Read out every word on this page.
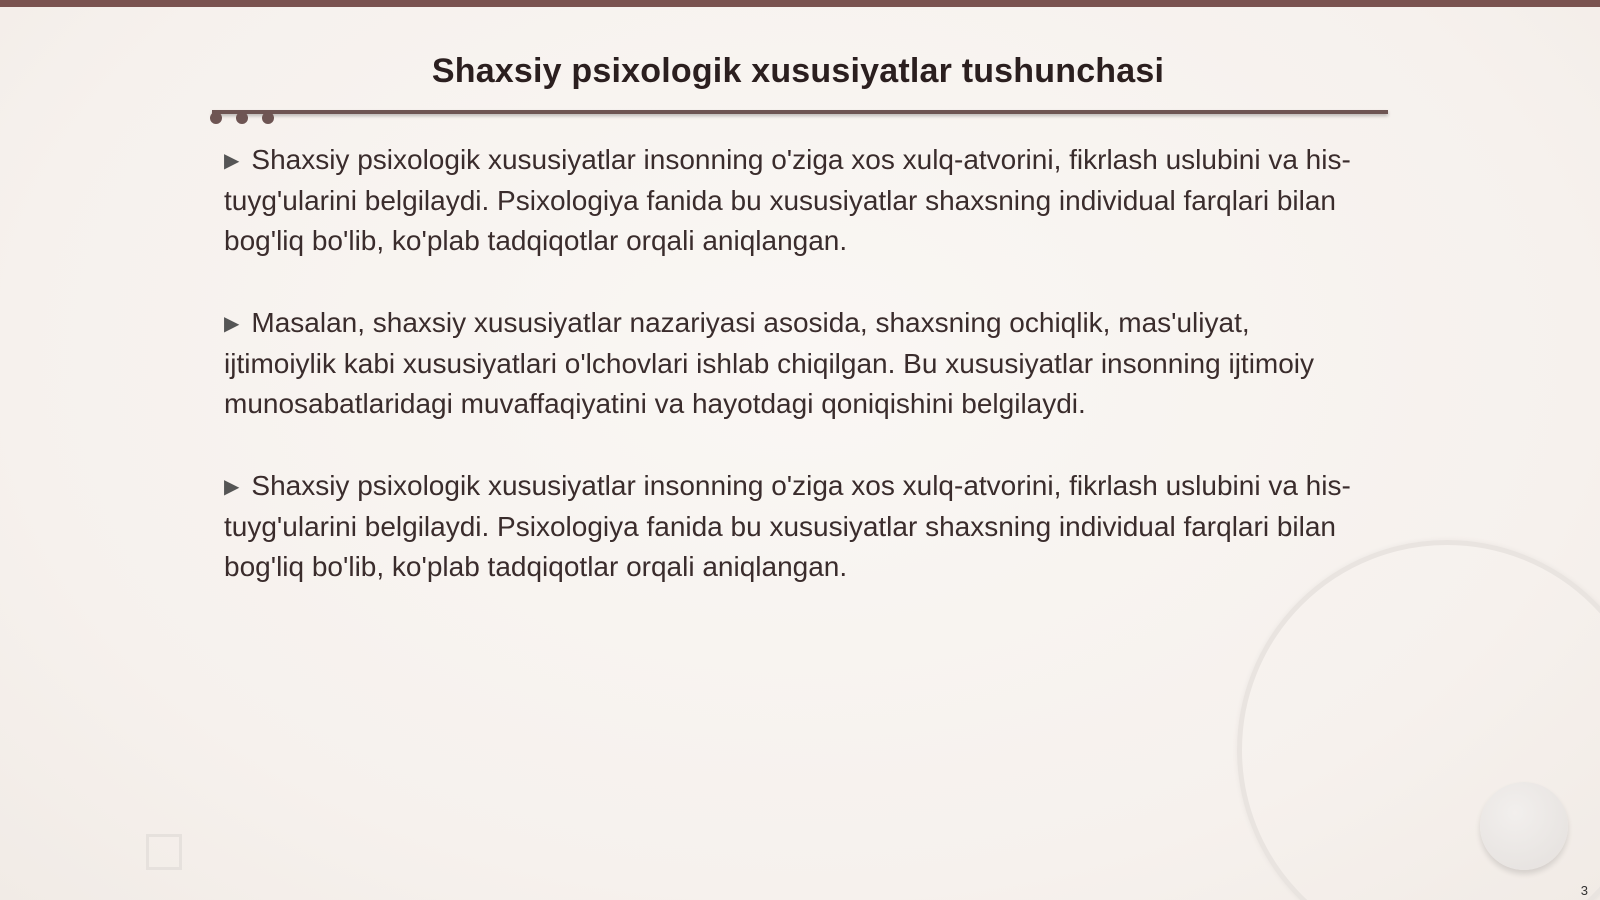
Shaxsiy psixologik xususiyatlar tushunchasi

▶ Shaxsiy psixologik xususiyatlar insonning o'ziga xos xulq-atvorini, fikrlash uslubini va his-tuyg'ularini belgilaydi. Psixologiya fanida bu xususiyatlar shaxsning individual farqlari bilan bog'liq bo'lib, ko'plab tadqiqotlar orqali aniqlangan.

▶ Masalan, shaxsiy xususiyatlar nazariyasi asosida, shaxsning ochiqlik, mas'uliyat, ijtimoiylik kabi xususiyatlari o'lchovlari ishlab chiqilgan. Bu xususiyatlar insonning ijtimoiy munosabatlaridagi muvaffaqiyatini va hayotdagi qoniqishini belgilaydi.

▶ Shaxsiy psixologik xususiyatlar insonning o'ziga xos xulq-atvorini, fikrlash uslubini va his-tuyg'ularini belgilaydi. Psixologiya fanida bu xususiyatlar shaxsning individual farqlari bilan bog'liq bo'lib, ko'plab tadqiqotlar orqali aniqlangan.

3
